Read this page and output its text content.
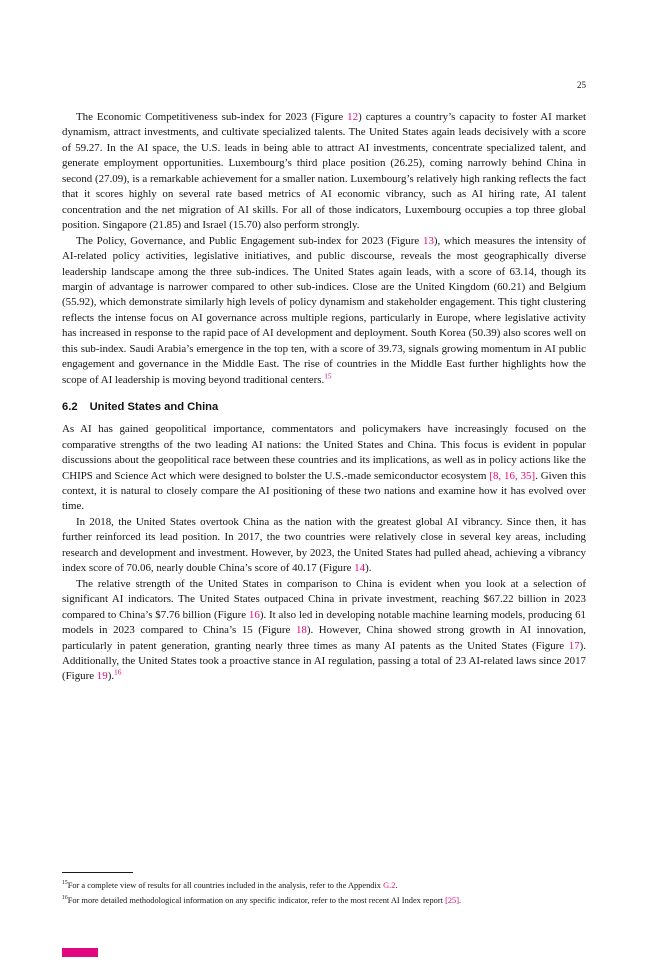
25

The Economic Competitiveness sub-index for 2023 (Figure 12) captures a country’s capacity to foster AI market dynamism, attract investments, and cultivate specialized talents. The United States again leads decisively with a score of 59.27. In the AI space, the U.S. leads in being able to attract AI investments, concentrate specialized talent, and generate employment opportunities. Luxembourg’s third place position (26.25), coming narrowly behind China in second (27.09), is a remarkable achievement for a smaller nation. Luxembourg’s relatively high ranking reflects the fact that it scores highly on several rate based metrics of AI economic vibrancy, such as AI hiring rate, AI talent concentration and the net migration of AI skills. For all of those indicators, Luxembourg occupies a top three global position. Singapore (21.85) and Israel (15.70) also perform strongly.

The Policy, Governance, and Public Engagement sub-index for 2023 (Figure 13), which measures the intensity of AI-related policy activities, legislative initiatives, and public discourse, reveals the most geographically diverse leadership landscape among the three sub-indices. The United States again leads, with a score of 63.14, though its margin of advantage is narrower compared to other sub-indices. Close are the United Kingdom (60.21) and Belgium (55.92), which demonstrate similarly high levels of policy dynamism and stakeholder engagement. This tight clustering reflects the intense focus on AI governance across multiple regions, particularly in Europe, where legislative activity has increased in response to the rapid pace of AI development and deployment. South Korea (50.39) also scores well on this sub-index. Saudi Arabia’s emergence in the top ten, with a score of 39.73, signals growing momentum in AI public engagement and governance in the Middle East. The rise of countries in the Middle East further highlights how the scope of AI leadership is moving beyond traditional centers.$^{15}$

6.2 United States and China

As AI has gained geopolitical importance, commentators and policymakers have increasingly focused on the comparative strengths of the two leading AI nations: the United States and China. This focus is evident in popular discussions about the geopolitical race between these countries and its implications, as well as in policy actions like the CHIPS and Science Act which were designed to bolster the U.S.-made semiconductor ecosystem [8, 16, 35]. Given this context, it is natural to closely compare the AI positioning of these two nations and examine how it has evolved over time.

In 2018, the United States overtook China as the nation with the greatest global AI vibrancy. Since then, it has further reinforced its lead position. In 2017, the two countries were relatively close in several key areas, including research and development and investment. However, by 2023, the United States had pulled ahead, achieving a vibrancy index score of 70.06, nearly double China’s score of 40.17 (Figure 14).

The relative strength of the United States in comparison to China is evident when you look at a selection of significant AI indicators. The United States outpaced China in private investment, reaching $67.22 billion in 2023 compared to China’s $7.76 billion (Figure 16). It also led in developing notable machine learning models, producing 61 models in 2023 compared to China’s 15 (Figure 18). However, China showed strong growth in AI innovation, particularly in patent generation, granting nearly three times as many AI patents as the United States (Figure 17). Additionally, the United States took a proactive stance in AI regulation, passing a total of 23 AI-related laws since 2017 (Figure 19).$^{16}$

$^{15}$For a complete view of results for all countries included in the analysis, refer to the Appendix G.2.
$^{16}$For more detailed methodological information on any specific indicator, refer to the most recent AI Index report [25].
